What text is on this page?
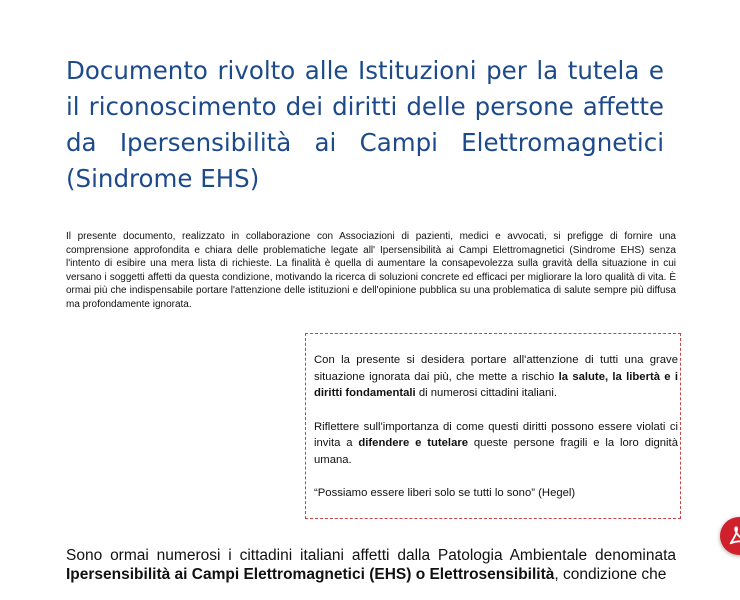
Documento rivolto alle Istituzioni per la tutela e il riconoscimento dei diritti delle persone affette da Ipersensibilità ai Campi Elettromagnetici (Sindrome EHS)

Il presente documento, realizzato in collaborazione con Associazioni di pazienti, medici e avvocati, si prefigge di fornire una comprensione approfondita e chiara delle problematiche legate all' Ipersensibilità ai Campi Elettromagnetici (Sindrome EHS) senza l'intento di esibire una mera lista di richieste. La finalità è quella di aumentare la consapevolezza sulla gravità della situazione in cui versano i soggetti affetti da questa condizione, motivando la ricerca di soluzioni concrete ed efficaci per migliorare la loro qualità di vita. È ormai più che indispensabile portare l'attenzione delle istituzioni e dell'opinione pubblica su una problematica di salute sempre più diffusa ma profondamente ignorata.

Con la presente si desidera portare all'attenzione di tutti una grave situazione ignorata dai più, che mette a rischio la salute, la libertà e i diritti fondamentali di numerosi cittadini italiani.

Riflettere sull'importanza di come questi diritti possono essere violati ci invita a difendere e tutelare queste persone fragili e la loro dignità umana.

“Possiamo essere liberi solo se tutti lo sono” (Hegel)

Sono ormai numerosi i cittadini italiani affetti dalla Patologia Ambientale denominata Ipersensibilità ai Campi Elettromagnetici (EHS) o Elettrosensibilità, condizione che
